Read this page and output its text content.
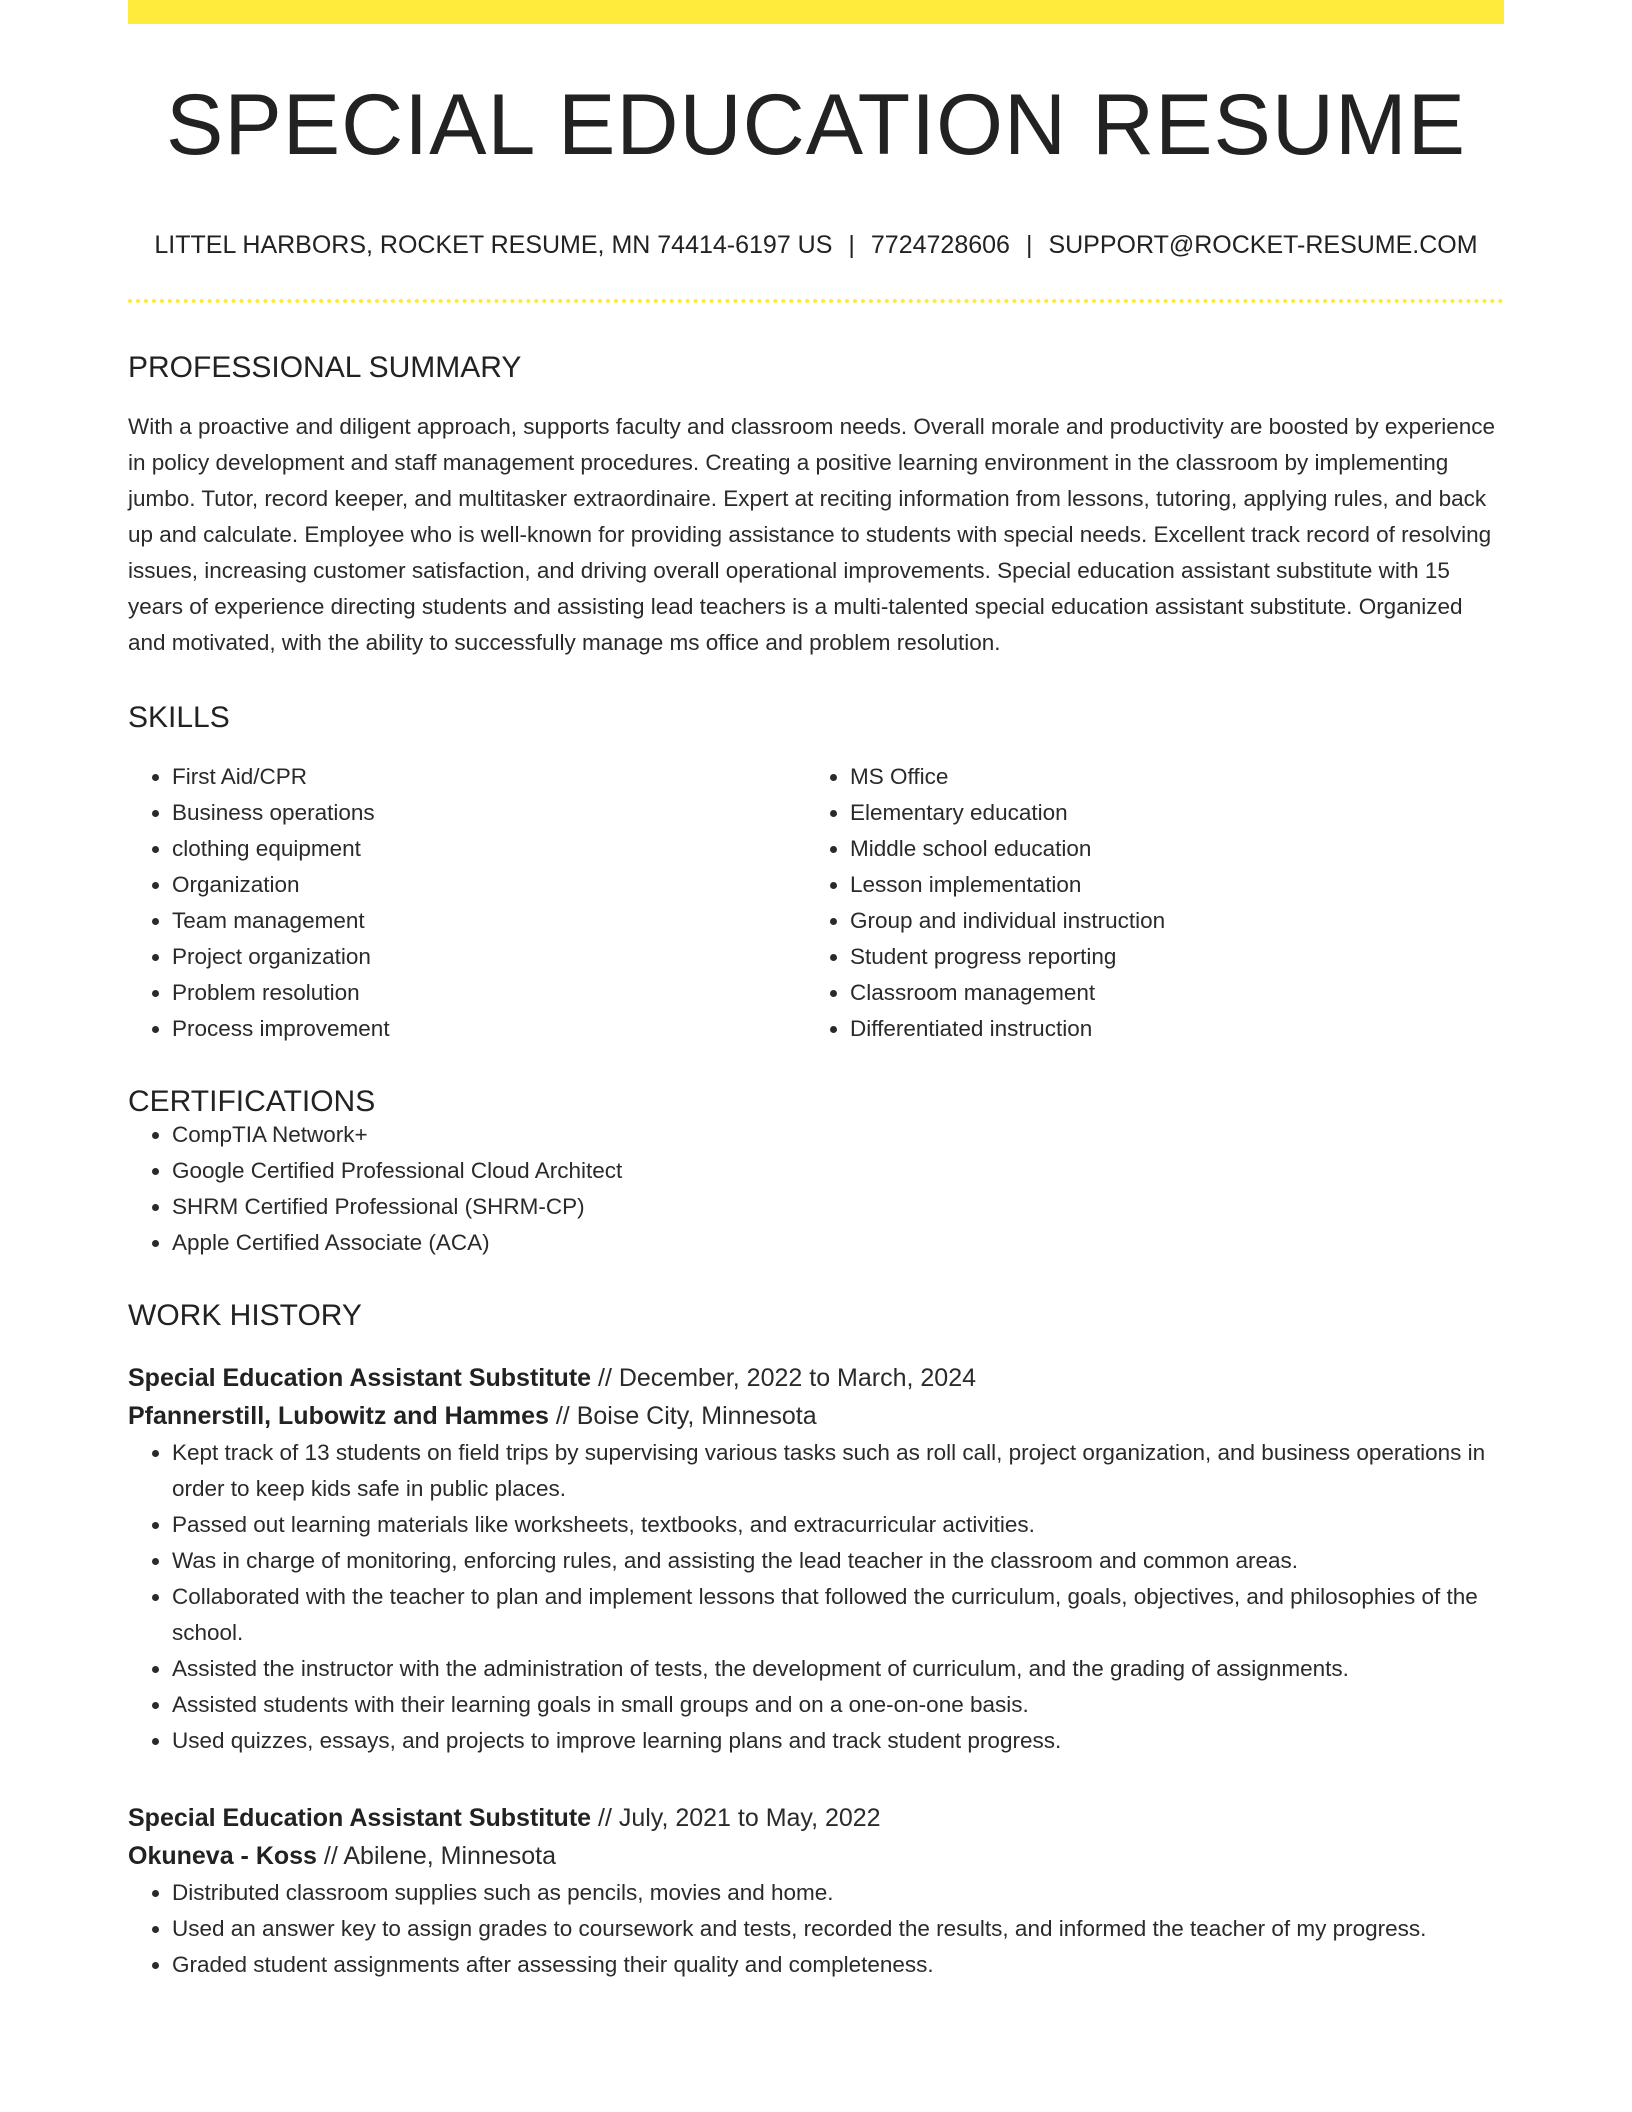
SPECIAL EDUCATION RESUME
LITTEL HARBORS, ROCKET RESUME, MN 74414-6197 US | 7724728606 | SUPPORT@ROCKET-RESUME.COM
PROFESSIONAL SUMMARY

With a proactive and diligent approach, supports faculty and classroom needs. Overall morale and productivity are boosted by experience in policy development and staff management procedures. Creating a positive learning environment in the classroom by implementing jumbo. Tutor, record keeper, and multitasker extraordinaire. Expert at reciting information from lessons, tutoring, applying rules, and back up and calculate. Employee who is well-known for providing assistance to students with special needs. Excellent track record of resolving issues, increasing customer satisfaction, and driving overall operational improvements. Special education assistant substitute with 15 years of experience directing students and assisting lead teachers is a multi-talented special education assistant substitute. Organized and motivated, with the ability to successfully manage ms office and problem resolution.

SKILLS
• First Aid/CPR
• Business operations
• clothing equipment
• Organization
• Team management
• Project organization
• Problem resolution
• Process improvement
• MS Office
• Elementary education
• Middle school education
• Lesson implementation
• Group and individual instruction
• Student progress reporting
• Classroom management
• Differentiated instruction
CERTIFICATIONS
• CompTIA Network+
• Google Certified Professional Cloud Architect
• SHRM Certified Professional (SHRM-CP)
• Apple Certified Associate (ACA)
WORK HISTORY
Special Education Assistant Substitute // December, 2022 to March, 2024
Pfannerstill, Lubowitz and Hammes // Boise City, Minnesota
• Kept track of 13 students on field trips by supervising various tasks such as roll call, project organization, and business operations in order to keep kids safe in public places.
• Passed out learning materials like worksheets, textbooks, and extracurricular activities.
• Was in charge of monitoring, enforcing rules, and assisting the lead teacher in the classroom and common areas.
• Collaborated with the teacher to plan and implement lessons that followed the curriculum, goals, objectives, and philosophies of the school.
• Assisted the instructor with the administration of tests, the development of curriculum, and the grading of assignments.
• Assisted students with their learning goals in small groups and on a one-on-one basis.
• Used quizzes, essays, and projects to improve learning plans and track student progress.
Special Education Assistant Substitute // July, 2021 to May, 2022
Okuneva - Koss // Abilene, Minnesota
• Distributed classroom supplies such as pencils, movies and home.
• Used an answer key to assign grades to coursework and tests, recorded the results, and informed the teacher of my progress.
• Graded student assignments after assessing their quality and completeness.
